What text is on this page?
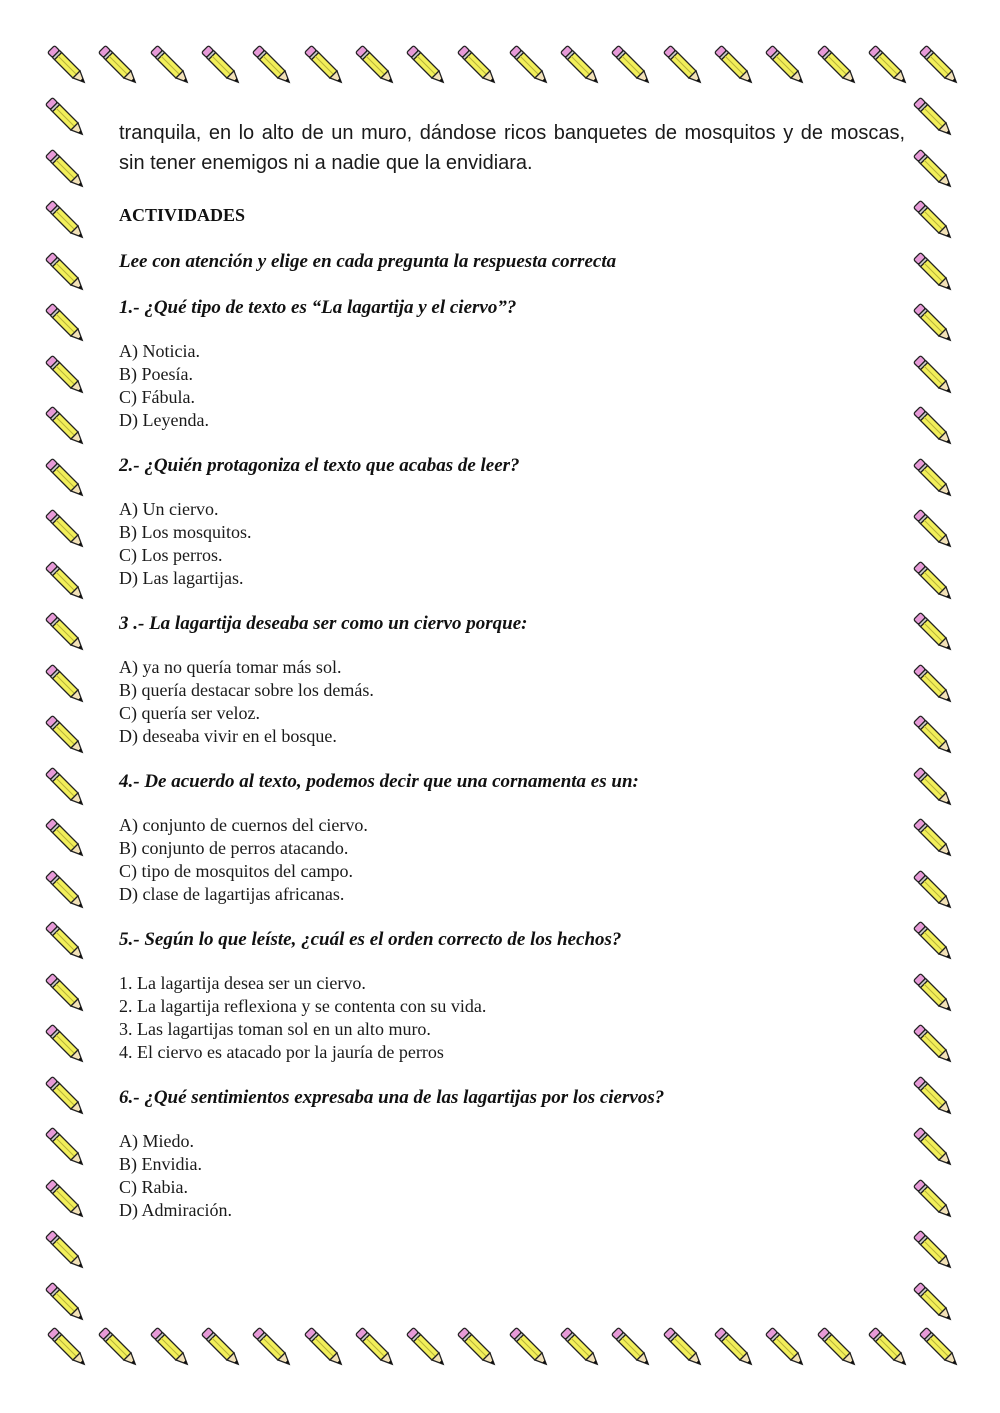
tranquila, en lo alto de un muro, dándose ricos banquetes de mosquitos y de moscas, sin tener enemigos ni a nadie que la envidiara.

ACTIVIDADES
Lee con atención y elige en cada pregunta la respuesta correcta

1.- ¿Qué tipo de texto es “La lagartija y el ciervo”?

A) Noticia.
B) Poesía.
C) Fábula.
D) Leyenda.

2.- ¿Quién protagoniza el texto que acabas de leer?

A) Un ciervo.
B) Los mosquitos.
C) Los perros.
D) Las lagartijas.

3 .- La lagartija deseaba ser como un ciervo porque:

A) ya no quería tomar más sol.
B) quería destacar sobre los demás.
C) quería ser veloz.
D) deseaba vivir en el bosque.

4.- De acuerdo al texto, podemos decir que una cornamenta es un:

A) conjunto de cuernos del ciervo.
B) conjunto de perros atacando.
C) tipo de mosquitos del campo.
D) clase de lagartijas africanas.

5.- Según lo que leíste, ¿cuál es el orden correcto de los hechos?

1. La lagartija desea ser un ciervo.
2. La lagartija reflexiona y se contenta con su vida.
3. Las lagartijas toman sol en un alto muro.
4. El ciervo es atacado por la jauría de perros

6.- ¿Qué sentimientos expresaba una de las lagartijas por los ciervos?

A) Miedo.
B) Envidia.
C) Rabia.
D) Admiración.
